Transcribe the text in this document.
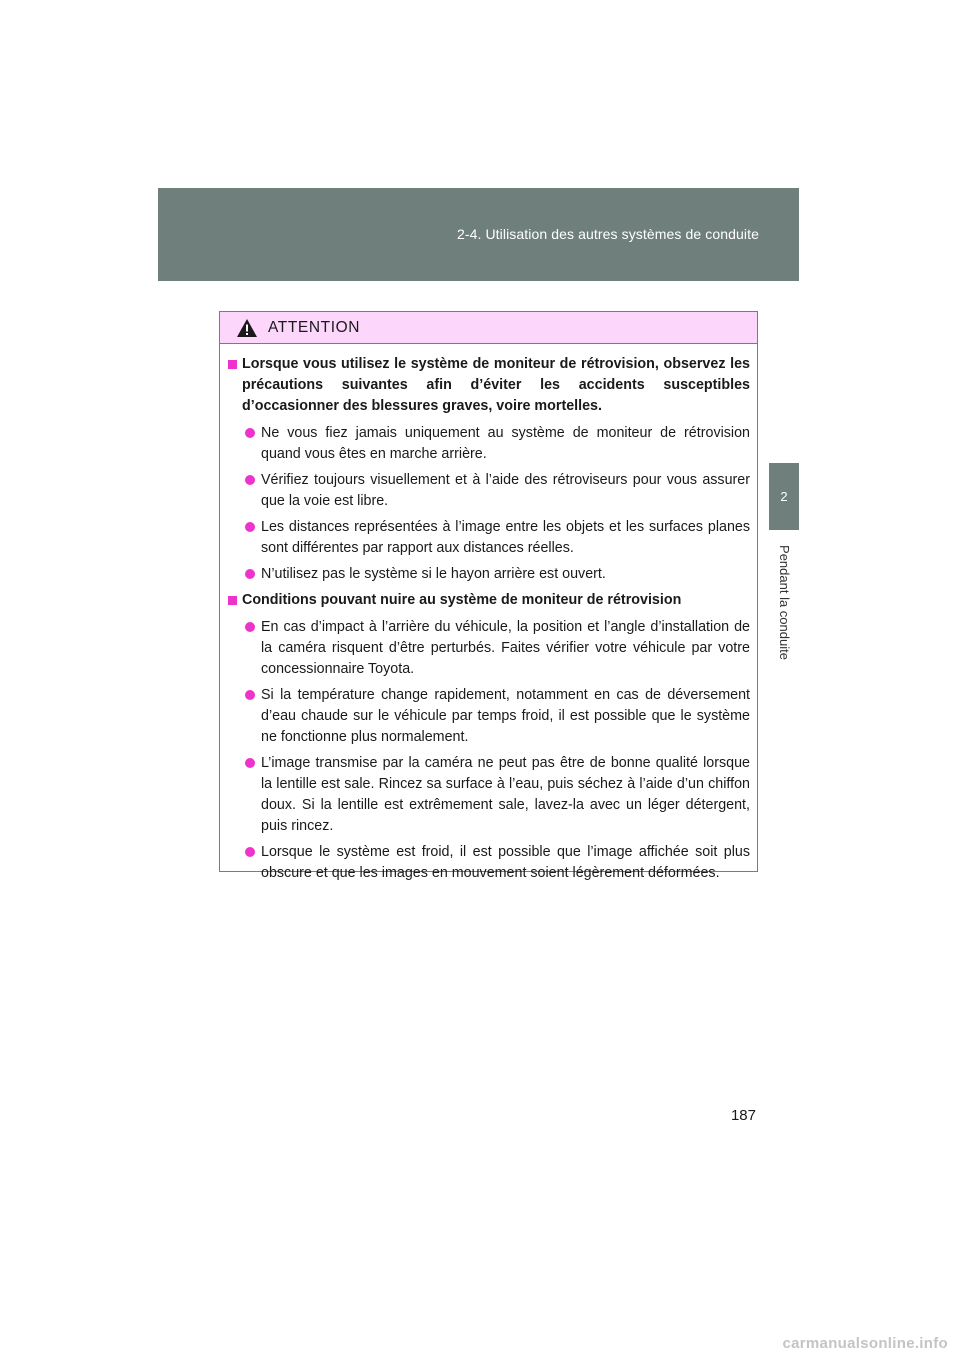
2-4. Utilisation des autres systèmes de conduite
2
Pendant la conduite
ATTENTION
Lorsque vous utilisez le système de moniteur de rétrovision, observez les précautions suivantes afin d’éviter les accidents susceptibles d’occasionner des blessures graves, voire mortelles.
Ne vous fiez jamais uniquement au système de moniteur de rétrovision quand vous êtes en marche arrière.
Vérifiez toujours visuellement et à l’aide des rétroviseurs pour vous assurer que la voie est libre.
Les distances représentées à l’image entre les objets et les surfaces planes sont différentes par rapport aux distances réelles.
N’utilisez pas le système si le hayon arrière est ouvert.
Conditions pouvant nuire au système de moniteur de rétrovision
En cas d’impact à l’arrière du véhicule, la position et l’angle d’installation de la caméra risquent d’être perturbés. Faites vérifier votre véhicule par votre concessionnaire Toyota.
Si la température change rapidement, notamment en cas de déversement d’eau chaude sur le véhicule par temps froid, il est possible que le système ne fonctionne plus normalement.
L’image transmise par la caméra ne peut pas être de bonne qualité lorsque la lentille est sale. Rincez sa surface à l’eau, puis séchez à l’aide d’un chiffon doux. Si la lentille est extrêmement sale, lavez-la avec un léger détergent, puis rincez.
Lorsque le système est froid, il est possible que l’image affichée soit plus obscure et que les images en mouvement soient légèrement déformées.
187
carmanualsonline.info
